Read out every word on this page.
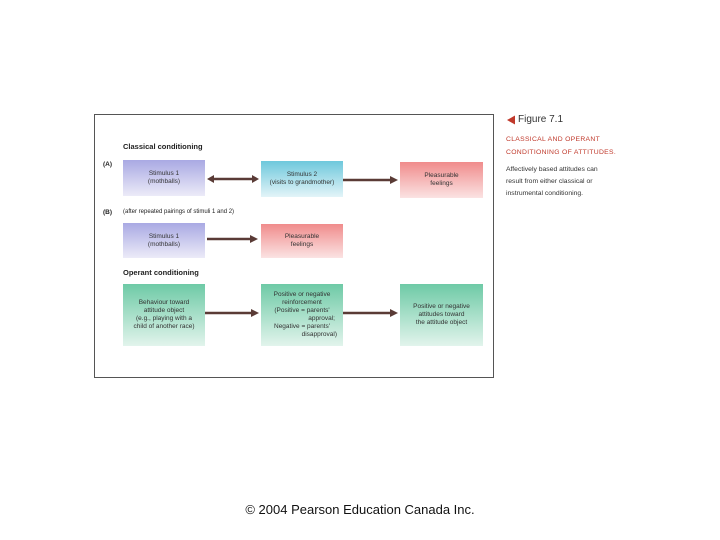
Classical conditioning
(A)
Stimulus 1
(mothballs)
Stimulus 2
(visits to grandmother)
Pleasurable
feelings
(B) (after repeated pairings of stimuli 1 and 2)
Stimulus 1
(mothballs)
Pleasurable
feelings
Operant conditioning
Behaviour toward
attitude object
(e.g., playing with a
child of another race)
Positive or negative
reinforcement
(Positive = parents'
approval;
Negative = parents'
disapproval)
Positive or negative
attitudes toward
the attitude object
Figure 7.1
CLASSICAL AND OPERANT
CONDITIONING OF ATTITUDES.
Affectively based attitudes can
result from either classical or
instrumental conditioning.
© 2004 Pearson Education Canada Inc.
